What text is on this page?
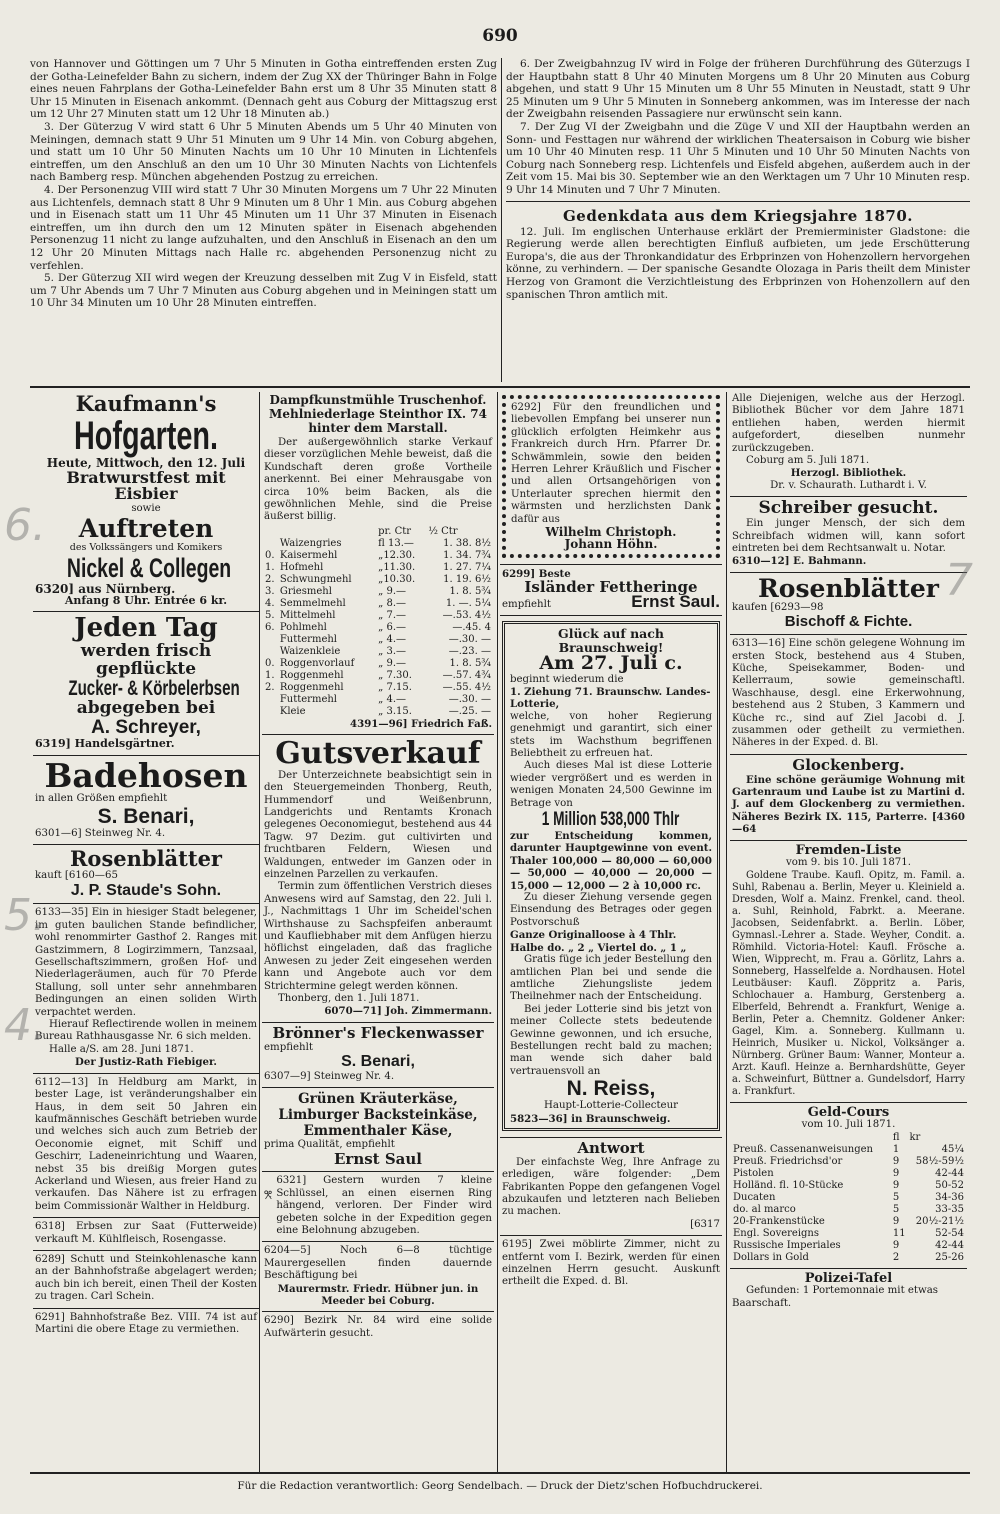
690

von Hannover und Göttingen um 7 Uhr 5 Minuten in Gotha eintreffenden ersten Zug der Gotha-Leinefelder Bahn zu sichern, indem der Zug XX der Thüringer Bahn in Folge eines neuen Fahrplans der Gotha-Leinefelder Bahn erst um 8 Uhr 35 Minuten statt 8 Uhr 15 Minuten in Eisenach ankommt. (Dennach geht aus Coburg der Mittagszug erst um 12 Uhr 27 Minuten statt um 12 Uhr 18 Minuten ab.)

3. Der Güterzug V wird statt 6 Uhr 5 Minuten Abends um 5 Uhr 40 Minuten von Meiningen, demnach statt 9 Uhr 51 Minuten um 9 Uhr 14 Min. von Coburg abgehen, und statt um 10 Uhr 50 Minuten Nachts um 10 Uhr 10 Minuten in Lichtenfels eintreffen, um den Anschluß an den um 10 Uhr 30 Minuten Nachts von Lichtenfels nach Bamberg resp. München abgehenden Postzug zu erreichen.

4. Der Personenzug VIII wird statt 7 Uhr 30 Minuten Morgens um 7 Uhr 22 Minuten aus Lichtenfels, demnach statt 8 Uhr 9 Minuten um 8 Uhr 1 Min. aus Coburg abgehen und in Eisenach statt um 11 Uhr 45 Minuten um 11 Uhr 37 Minuten in Eisenach eintreffen, um ihn durch den um 12 Minuten später in Eisenach abgehenden Personenzug 11 nicht zu lange aufzuhalten, und den Anschluß in Eisenach an den um 12 Uhr 20 Minuten Mittags nach Halle rc. abgehenden Personenzug nicht zu verfehlen.

5. Der Güterzug XII wird wegen der Kreuzung desselben mit Zug V in Eisfeld, statt um 7 Uhr Abends um 7 Uhr 7 Minuten aus Coburg abgehen und in Meiningen statt um 10 Uhr 34 Minuten um 10 Uhr 28 Minuten eintreffen.

6. Der Zweigbahnzug IV wird in Folge der früheren Durchführung des Güterzugs I der Hauptbahn statt 8 Uhr 40 Minuten Morgens um 8 Uhr 20 Minuten aus Coburg abgehen, und statt 9 Uhr 15 Minuten um 8 Uhr 55 Minuten in Neustadt, statt 9 Uhr 25 Minuten um 9 Uhr 5 Minuten in Sonneberg ankommen, was im Interesse der nach der Zweigbahn reisenden Passagiere nur erwünscht sein kann.

7. Der Zug VI der Zweigbahn und die Züge V und XII der Hauptbahn werden an Sonn- und Festtagen nur während der wirklichen Theatersaison in Coburg wie bisher um 10 Uhr 40 Minuten resp. 11 Uhr 5 Minuten und 10 Uhr 50 Minuten Nachts von Coburg nach Sonneberg resp. Lichtenfels und Eisfeld abgehen, außerdem auch in der Zeit vom 15. Mai bis 30. September wie an den Werktagen um 7 Uhr 10 Minuten resp. 9 Uhr 14 Minuten und 7 Uhr 7 Minuten.

Gedenkdata aus dem Kriegsjahre 1870.

12. Juli. Im englischen Unterhause erklärt der Premierminister Gladstone: die Regierung werde allen berechtigten Einfluß aufbieten, um jede Erschütterung Europa's, die aus der Thronkandidatur des Erbprinzen von Hohenzollern hervorgehen könne, zu verhindern. — Der spanische Gesandte Olozaga in Paris theilt dem Minister Herzog von Gramont die Verzichtleistung des Erbprinzen von Hohenzollern auf den spanischen Thron amtlich mit.

Kaufmann's
Hofgarten.
Heute, Mittwoch, den 12. Juli
Bratwurstfest mit Eisbier
sowie
Auftreten
des Volkssängers und Komikers
Nickel & Collegen
6320] aus Nürnberg.
Anfang 8 Uhr. Entrée 6 kr.
Jeden Tag
werden frisch gepflückte
Zucker- & Körbelerbsen
abgegeben bei
A. Schreyer,
6319] Handelsgärtner.
Badehosen
in allen Größen empfiehlt
S. Benari,
6301—6] Steinweg Nr. 4.
Rosenblätter
kauft [6160—65
J. P. Staude's Sohn.

6133—35] Ein in hiesiger Stadt belegener, im guten baulichen Stande befindlicher, wohl renommirter Gasthof 2. Ranges mit Gastzimmern, 8 Logirzimmern, Tanzsaal, Gesellschaftszimmern, großen Hof- und Niederlageräumen, auch für 70 Pferde Stallung, soll unter sehr annehmbaren Bedingungen an einen soliden Wirth verpachtet werden.

Hierauf Reflectirende wollen in meinem Bureau Rathhausgasse Nr. 6 sich melden.

Halle a/S. am 28. Juni 1871.

Der Justiz-Rath Fiebiger.

6112—13] In Heldburg am Markt, in bester Lage, ist veränderungshalber ein Haus, in dem seit 50 Jahren ein kaufmännisches Geschäft betrieben wurde und welches sich auch zum Betrieb der Oeconomie eignet, mit Schiff und Geschirr, Ladeneinrichtung und Waaren, nebst 35 bis dreißig Morgen gutes Ackerland und Wiesen, aus freier Hand zu verkaufen. Das Nähere ist zu erfragen beim Commissionär Walther in Heldburg.

6318] Erbsen zur Saat (Futterweide) verkauft M. Kühlfleisch, Rosengasse.

6289] Schutt und Steinkohlenasche kann an der Bahnhofstraße abgelagert werden; auch bin ich bereit, einen Theil der Kosten zu tragen. Carl Schein.

6291] Bahnhofstraße Bez. VIII. 74 ist auf Martini die obere Etage zu vermiethen.

Dampfkunstmühle Truschenhof. Mehlniederlage Steinthor IX. 74 hinter dem Marstall.

Der außergewöhnlich starke Verkauf dieser vorzüglichen Mehle beweist, daß die Kundschaft deren große Vortheile anerkennt. Bei einer Mehrausgabe von circa 10% beim Backen, als die gewöhnlichen Mehle, sind die Preise äußerst billig.

		pr. Ctr	½ Ctr
	Waizengries	fl 13.—	1. 38. 8½
0.	Kaisermehl	„12.30.	1. 34. 7¾
1.	Hofmehl	„11.30.	1. 27. 7¼
2.	Schwungmehl	„10.30.	1. 19. 6½
3.	Griesmehl	„ 9.—	1. 8. 5¾
4.	Semmelmehl	„ 8.—	1. —. 5¼
5.	Mittelmehl	„ 7.—	—.53. 4½
6.	Pohlmehl	„ 6.—	—.45. 4
	Futtermehl	„ 4.—	—.30. —
	Waizenkleie	„ 3.—	—.23. —
0.	Roggenvorlauf	„ 9.—	1. 8. 5¾
1.	Roggenmehl	„ 7.30.	—.57. 4¾
2.	Roggenmehl	„ 7.15.	—.55. 4½
	Futtermehl	„ 4.—	—.30. —
	Kleie	„ 3.15.	—.25. —
4391—96] Friedrich Faß.
Gutsverkauf

Der Unterzeichnete beabsichtigt sein in den Steuergemeinden Thonberg, Reuth, Hummendorf und Weißenbrunn, Landgerichts und Rentamts Kronach gelegenes Oeconomiegut, bestehend aus 44 Tagw. 97 Dezim. gut cultivirten und fruchtbaren Feldern, Wiesen und Waldungen, entweder im Ganzen oder in einzelnen Parzellen zu verkaufen.

Termin zum öffentlichen Verstrich dieses Anwesens wird auf Samstag, den 22. Juli l. J., Nachmittags 1 Uhr im Scheidel'schen Wirthshause zu Sachspfeifen anberaumt und Kaufliebhaber mit dem Anfügen hierzu höflichst eingeladen, daß das fragliche Anwesen zu jeder Zeit eingesehen werden kann und Angebote auch vor dem Strichtermine gelegt werden können.

Thonberg, den 1. Juli 1871.

6070—71] Joh. Zimmermann.

Brönner's Fleckenwasser
empfiehlt
S. Benari,
6307—9] Steinweg Nr. 4.
Grünen Kräuterkäse, Limburger Backsteinkäse, Emmenthaler Käse,
prima Qualität, empfiehlt
Ernst Saul

6321] Gestern wurden 7 kleine Schlüssel, an einen eisernen Ring hängend, verloren. Der Finder wird gebeten solche in der Expedition gegen eine Belohnung abzugeben.

6204—5] Noch 6—8 tüchtige Maurergesellen finden dauernde Beschäftigung bei

Maurermstr. Friedr. Hübner jun. in Meeder bei Coburg.

6290] Bezirk Nr. 84 wird eine solide Aufwärterin gesucht.

6292] Für den freundlichen und liebevollen Empfang bei unserer nun glücklich erfolgten Heimkehr aus Frankreich durch Hrn. Pfarrer Dr. Schwämmlein, sowie den beiden Herren Lehrer Kräußlich und Fischer und allen Ortsangehörigen von Unterlauter sprechen hiermit den wärmsten und herzlichsten Dank dafür aus

Wilhelm Christoph.
Johann Höhn.
6299] Beste
Isländer Fettheringe
empfiehlt	Ernst Saul.
Glück auf nach Braunschweig!
Am 27. Juli c.

beginnt wiederum die

1. Ziehung 71. Braunschw. Landes-Lotterie,

welche, von hoher Regierung genehmigt und garantirt, sich einer stets im Wachsthum begriffenen Beliebtheit zu erfreuen hat.

Auch dieses Mal ist diese Lotterie wieder vergrößert und es werden in wenigen Monaten 24,500 Gewinne im Betrage von

1 Million 538,000 Thlr

zur Entscheidung kommen, darunter Hauptgewinne von event. Thaler 100,000 — 80,000 — 60,000 — 50,000 — 40,000 — 20,000 — 15,000 — 12,000 — 2 à 10,000 rc.

Zu dieser Ziehung versende gegen Einsendung des Betrages oder gegen Postvorschuß

Ganze Originalloose à 4 Thlr. Halbe do. „ 2 „ Viertel do. „ 1 „

Gratis füge ich jeder Bestellung den amtlichen Plan bei und sende die amtliche Ziehungsliste jedem Theilnehmer nach der Entscheidung.

Bei jeder Lotterie sind bis jetzt von meiner Collecte stets bedeutende Gewinne gewonnen, und ich ersuche, Bestellungen recht bald zu machen; man wende sich daher bald vertrauensvoll an

N. Reiss,
Haupt-Lotterie-Collecteur
5823—36] in Braunschweig.
Antwort

Der einfachste Weg, Ihre Anfrage zu erledigen, wäre folgender: „Dem Fabrikanten Poppe den gefangenen Vogel abzukaufen und letzteren nach Belieben zu machen.

[6317

6195] Zwei möblirte Zimmer, nicht zu entfernt vom I. Bezirk, werden für einen einzelnen Herrn gesucht. Auskunft ertheilt die Exped. d. Bl.

Alle Diejenigen, welche aus der Herzogl. Bibliothek Bücher vor dem Jahre 1871 entliehen haben, werden hiermit aufgefordert, dieselben nunmehr zurückzugeben.

Coburg am 5. Juli 1871.

Herzogl. Bibliothek.

Dr. v. Schaurath. Luthardt i. V.

Schreiber gesucht.

Ein junger Mensch, der sich dem Schreibfach widmen will, kann sofort eintreten bei dem Rechtsanwalt u. Notar.

6310—12] E. Bahmann.

Rosenblätter
kaufen [6293—98
Bischoff & Fichte.

6313—16] Eine schön gelegene Wohnung im ersten Stock, bestehend aus 4 Stuben, Küche, Speisekammer, Boden- und Kellerraum, sowie gemeinschaftl. Waschhause, desgl. eine Erkerwohnung, bestehend aus 2 Stuben, 3 Kammern und Küche rc., sind auf Ziel Jacobi d. J. zusammen oder getheilt zu vermiethen. Näheres in der Exped. d. Bl.

Glockenberg.

Eine schöne geräumige Wohnung mit Gartenraum und Laube ist zu Martini d. J. auf dem Glockenberg zu vermiethen. Näheres Bezirk IX. 115, Parterre. [4360—64

Fremden-Liste
vom 9. bis 10. Juli 1871.

Goldene Traube. Kaufl. Opitz, m. Famil. a. Suhl, Rabenau a. Berlin, Meyer u. Kleinield a. Dresden, Wolf a. Mainz. Frenkel, cand. theol. a. Suhl, Reinhold, Fabrkt. a. Meerane. Jacobsen, Seidenfabrkt. a. Berlin. Löber, Gymnasl.-Lehrer a. Stade. Weyher, Condit. a. Römhild. Victoria-Hotel: Kaufl. Frösche a. Wien, Wipprecht, m. Frau a. Görlitz, Lahrs a. Sonneberg, Hasselfelde a. Nordhausen. Hotel Leutbäuser: Kaufl. Zöppritz a. Paris, Schlochauer a. Hamburg, Gerstenberg a. Elberfeld, Behrendt a. Frankfurt, Wenige a. Berlin, Peter a. Chemnitz. Goldener Anker: Gagel, Kim. a. Sonneberg. Kullmann u. Heinrich, Musiker u. Nickol, Volksänger a. Nürnberg. Grüner Baum: Wanner, Monteur a. Arzt. Kaufl. Heinze a. Bernhardshütte, Geyer a. Schweinfurt, Büttner a. Gundelsdorf, Harry a. Frankfurt.

Geld-Cours
vom 10. Juli 1871.
	fl	kr
Preuß. Cassenanweisungen	1	45¼
Preuß. Friedrichsd'or	9	58½-59½
Pistolen	9	42-44
Holländ. fl. 10-Stücke	9	50-52
Ducaten	5	34-36
do. al marco	5	33-35
20-Frankenstücke	9	20½-21½
Engl. Sovereigns	11	52-54
Russische Imperiales	9	42-44
Dollars in Gold	2	25-26
Polizei-Tafel

Gefunden: 1 Portemonnaie mit etwas Baarschaft.

Für die Redaction verantwortlich: Georg Sendelbach. — Druck der Dietz'schen Hofbuchdruckerei.
6.
5.
4.
7
